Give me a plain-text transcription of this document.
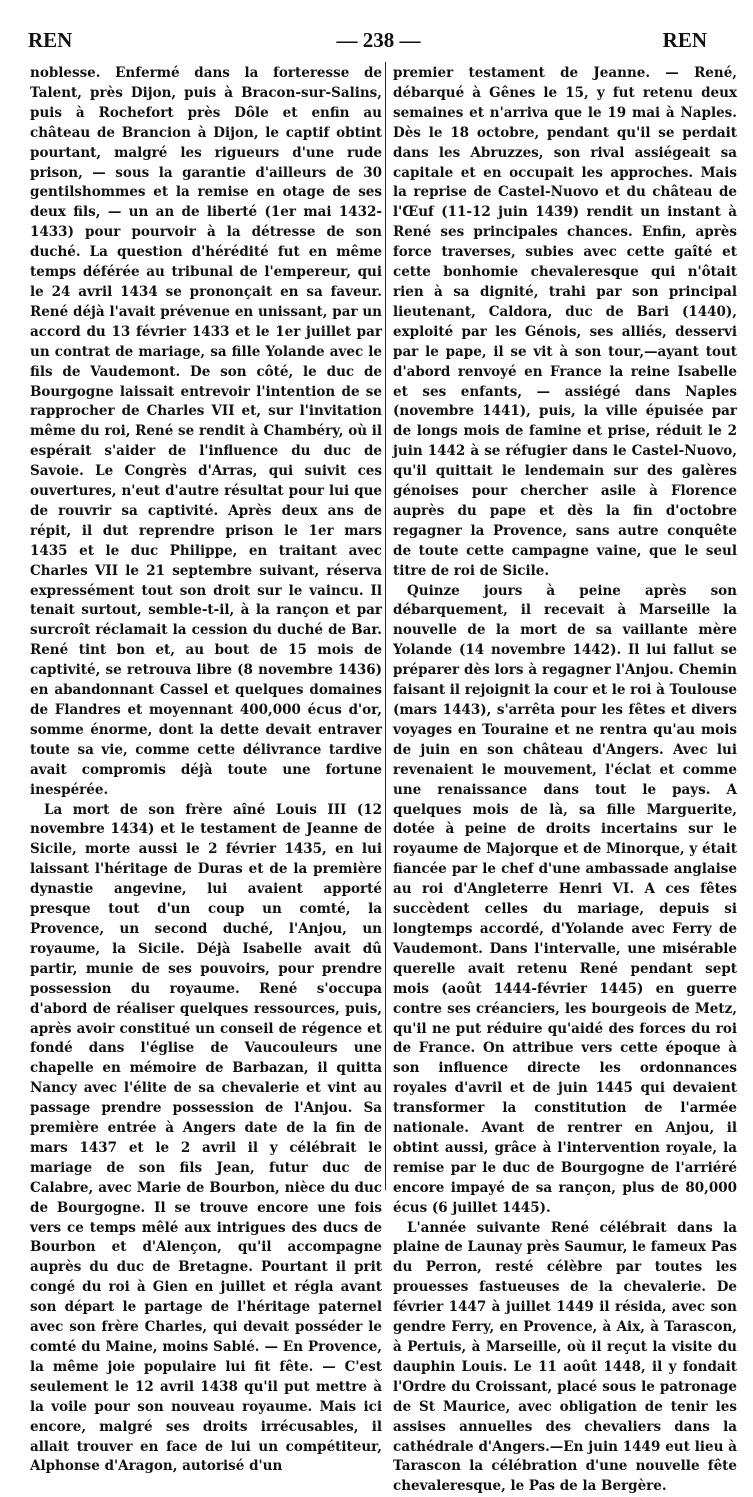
REN	— 238 —	REN

noblesse. Enfermé dans la forteresse de Talent, près Dijon, puis à Bracon-sur-Salins, puis à Rochefort près Dôle et enfin au château de Brancion à Dijon, le captif obtint pourtant, malgré les rigueurs d'une rude prison, — sous la garantie d'ailleurs de 30 gentilshommes et la remise en otage de ses deux fils, — un an de liberté (1er mai 1432-1433) pour pourvoir à la détresse de son duché. La question d'hérédité fut en même temps déférée au tribunal de l'empereur, qui le 24 avril 1434 se prononçait en sa faveur. René déjà l'avait prévenue en unissant, par un accord du 13 février 1433 et le 1er juillet par un contrat de mariage, sa fille Yolande avec le fils de Vaudemont. De son côté, le duc de Bourgogne laissait entrevoir l'intention de se rapprocher de Charles VII et, sur l'invitation même du roi, René se rendit à Chambéry, où il espérait s'aider de l'influence du duc de Savoie. Le Congrès d'Arras, qui suivit ces ouvertures, n'eut d'autre résultat pour lui que de rouvrir sa captivité. Après deux ans de répit, il dut reprendre prison le 1er mars 1435 et le duc Philippe, en traitant avec Charles VII le 21 septembre suivant, réserva expressément tout son droit sur le vaincu. Il tenait surtout, semble-t-il, à la rançon et par surcroît réclamait la cession du duché de Bar. René tint bon et, au bout de 15 mois de captivité, se retrouva libre (8 novembre 1436) en abandonnant Cassel et quelques domaines de Flandres et moyennant 400,000 écus d'or, somme énorme, dont la dette devait entraver toute sa vie, comme cette délivrance tardive avait compromis déjà toute une fortune inespérée.

La mort de son frère aîné Louis III (12 novembre 1434) et le testament de Jeanne de Sicile, morte aussi le 2 février 1435, en lui laissant l'héritage de Duras et de la première dynastie angevine, lui avaient apporté presque tout d'un coup un comté, la Provence, un second duché, l'Anjou, un royaume, la Sicile. Déjà Isabelle avait dû partir, munie de ses pouvoirs, pour prendre possession du royaume. René s'occupa d'abord de réaliser quelques ressources, puis, après avoir constitué un conseil de régence et fondé dans l'église de Vaucouleurs une chapelle en mémoire de Barbazan, il quitta Nancy avec l'élite de sa chevalerie et vint au passage prendre possession de l'Anjou. Sa première entrée à Angers date de la fin de mars 1437 et le 2 avril il y célébrait le mariage de son fils Jean, futur duc de Calabre, avec Marie de Bourbon, nièce du duc de Bourgogne. Il se trouve encore une fois vers ce temps mêlé aux intrigues des ducs de Bourbon et d'Alençon, qu'il accompagne auprès du duc de Bretagne. Pourtant il prit congé du roi à Gien en juillet et régla avant son départ le partage de l'héritage paternel avec son frère Charles, qui devait posséder le comté du Maine, moins Sablé. — En Provence, la même joie populaire lui fit fête. — C'est seulement le 12 avril 1438 qu'il put mettre à la voile pour son nouveau royaume. Mais ici encore, malgré ses droits irrécusables, il allait trouver en face de lui un compétiteur, Alphonse d'Aragon, autorisé d'un

premier testament de Jeanne. — René, débarqué à Gênes le 15, y fut retenu deux semaines et n'arriva que le 19 mai à Naples. Dès le 18 octobre, pendant qu'il se perdait dans les Abruzzes, son rival assiégeait sa capitale et en occupait les approches. Mais la reprise de Castel-Nuovo et du château de l'Œuf (11-12 juin 1439) rendit un instant à René ses principales chances. Enfin, après force traverses, subies avec cette gaîté et cette bonhomie chevaleresque qui n'ôtait rien à sa dignité, trahi par son principal lieutenant, Caldora, duc de Bari (1440), exploité par les Génois, ses alliés, desservi par le pape, il se vit à son tour,—ayant tout d'abord renvoyé en France la reine Isabelle et ses enfants, — assiégé dans Naples (novembre 1441), puis, la ville épuisée par de longs mois de famine et prise, réduit le 2 juin 1442 à se réfugier dans le Castel-Nuovo, qu'il quittait le lendemain sur des galères génoises pour chercher asile à Florence auprès du pape et dès la fin d'octobre regagner la Provence, sans autre conquête de toute cette campagne vaine, que le seul titre de roi de Sicile.

Quinze jours à peine après son débarquement, il recevait à Marseille la nouvelle de la mort de sa vaillante mère Yolande (14 novembre 1442). Il lui fallut se préparer dès lors à regagner l'Anjou. Chemin faisant il rejoignit la cour et le roi à Toulouse (mars 1443), s'arrêta pour les fêtes et divers voyages en Touraine et ne rentra qu'au mois de juin en son château d'Angers. Avec lui revenaient le mouvement, l'éclat et comme une renaissance dans tout le pays. A quelques mois de là, sa fille Marguerite, dotée à peine de droits incertains sur le royaume de Majorque et de Minorque, y était fiancée par le chef d'une ambassade anglaise au roi d'Angleterre Henri VI. A ces fêtes succèdent celles du mariage, depuis si longtemps accordé, d'Yolande avec Ferry de Vaudemont. Dans l'intervalle, une misérable querelle avait retenu René pendant sept mois (août 1444-février 1445) en guerre contre ses créanciers, les bourgeois de Metz, qu'il ne put réduire qu'aidé des forces du roi de France. On attribue vers cette époque à son influence directe les ordonnances royales d'avril et de juin 1445 qui devaient transformer la constitution de l'armée nationale. Avant de rentrer en Anjou, il obtint aussi, grâce à l'intervention royale, la remise par le duc de Bourgogne de l'arriéré encore impayé de sa rançon, plus de 80,000 écus (6 juillet 1445).

L'année suivante René célébrait dans la plaine de Launay près Saumur, le fameux Pas du Perron, resté célèbre par toutes les prouesses fastueuses de la chevalerie. De février 1447 à juillet 1449 il résida, avec son gendre Ferry, en Provence, à Aix, à Tarascon, à Pertuis, à Marseille, où il reçut la visite du dauphin Louis. Le 11 août 1448, il y fondait l'Ordre du Croissant, placé sous le patronage de St Maurice, avec obligation de tenir les assises annuelles des chevaliers dans la cathédrale d'Angers.—En juin 1449 eut lieu à Tarascon la célébration d'une nouvelle fête chevaleresque, le Pas de la Bergère.
